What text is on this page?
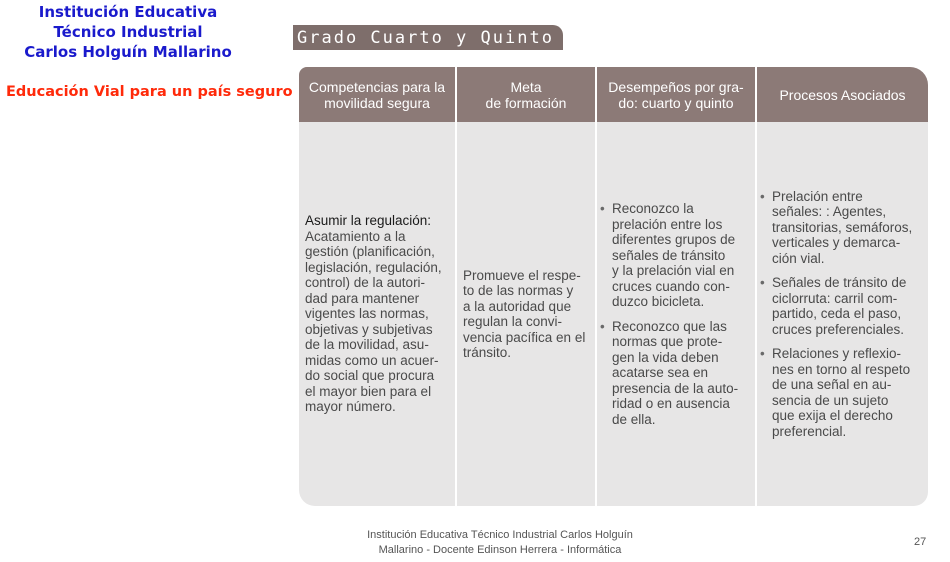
Institución Educativa
Técnico Industrial
Carlos Holguín Mallarino
Educación Vial para un país seguro
Grado Cuarto y Quinto
Competencias para la
movilidad segura
Meta
de formación
Desempeños por gra-
do: cuarto y quinto	Procesos Asociados
Asumir la regulación:
Acatamiento a la
gestión (planificación,
legislación, regulación,
control) de la autori-
dad para mantener
vigentes las normas,
objetivas y subjetivas
de la movilidad, asu-
midas como un acuer-
do social que procura
el mayor bien para el
mayor número.
Promueve el respe-
to de las normas y
a la autoridad que
regulan la convi-
vencia pacífica en el
tránsito.
• Reconozco la
prelación entre los
diferentes grupos de
señales de tránsito
y la prelación vial en
cruces cuando con-
duzco bicicleta.
• Reconozco que las
normas que prote-
gen la vida deben
acatarse sea en
presencia de la auto-
ridad o en ausencia
de ella.
• Prelación entre
señales: : Agentes,
transitorias, semáforos,
verticales y demarca-
ción vial.
• Señales de tránsito de
ciclorruta: carril com-
partido, ceda el paso,
cruces preferenciales.
• Relaciones y reflexio-
nes en torno al respeto
de una señal en au-
sencia de un sujeto
que exija el derecho
preferencial.
Institución Educativa Técnico Industrial Carlos Holguín
Mallarino - Docente Edinson Herrera - Informática
27
